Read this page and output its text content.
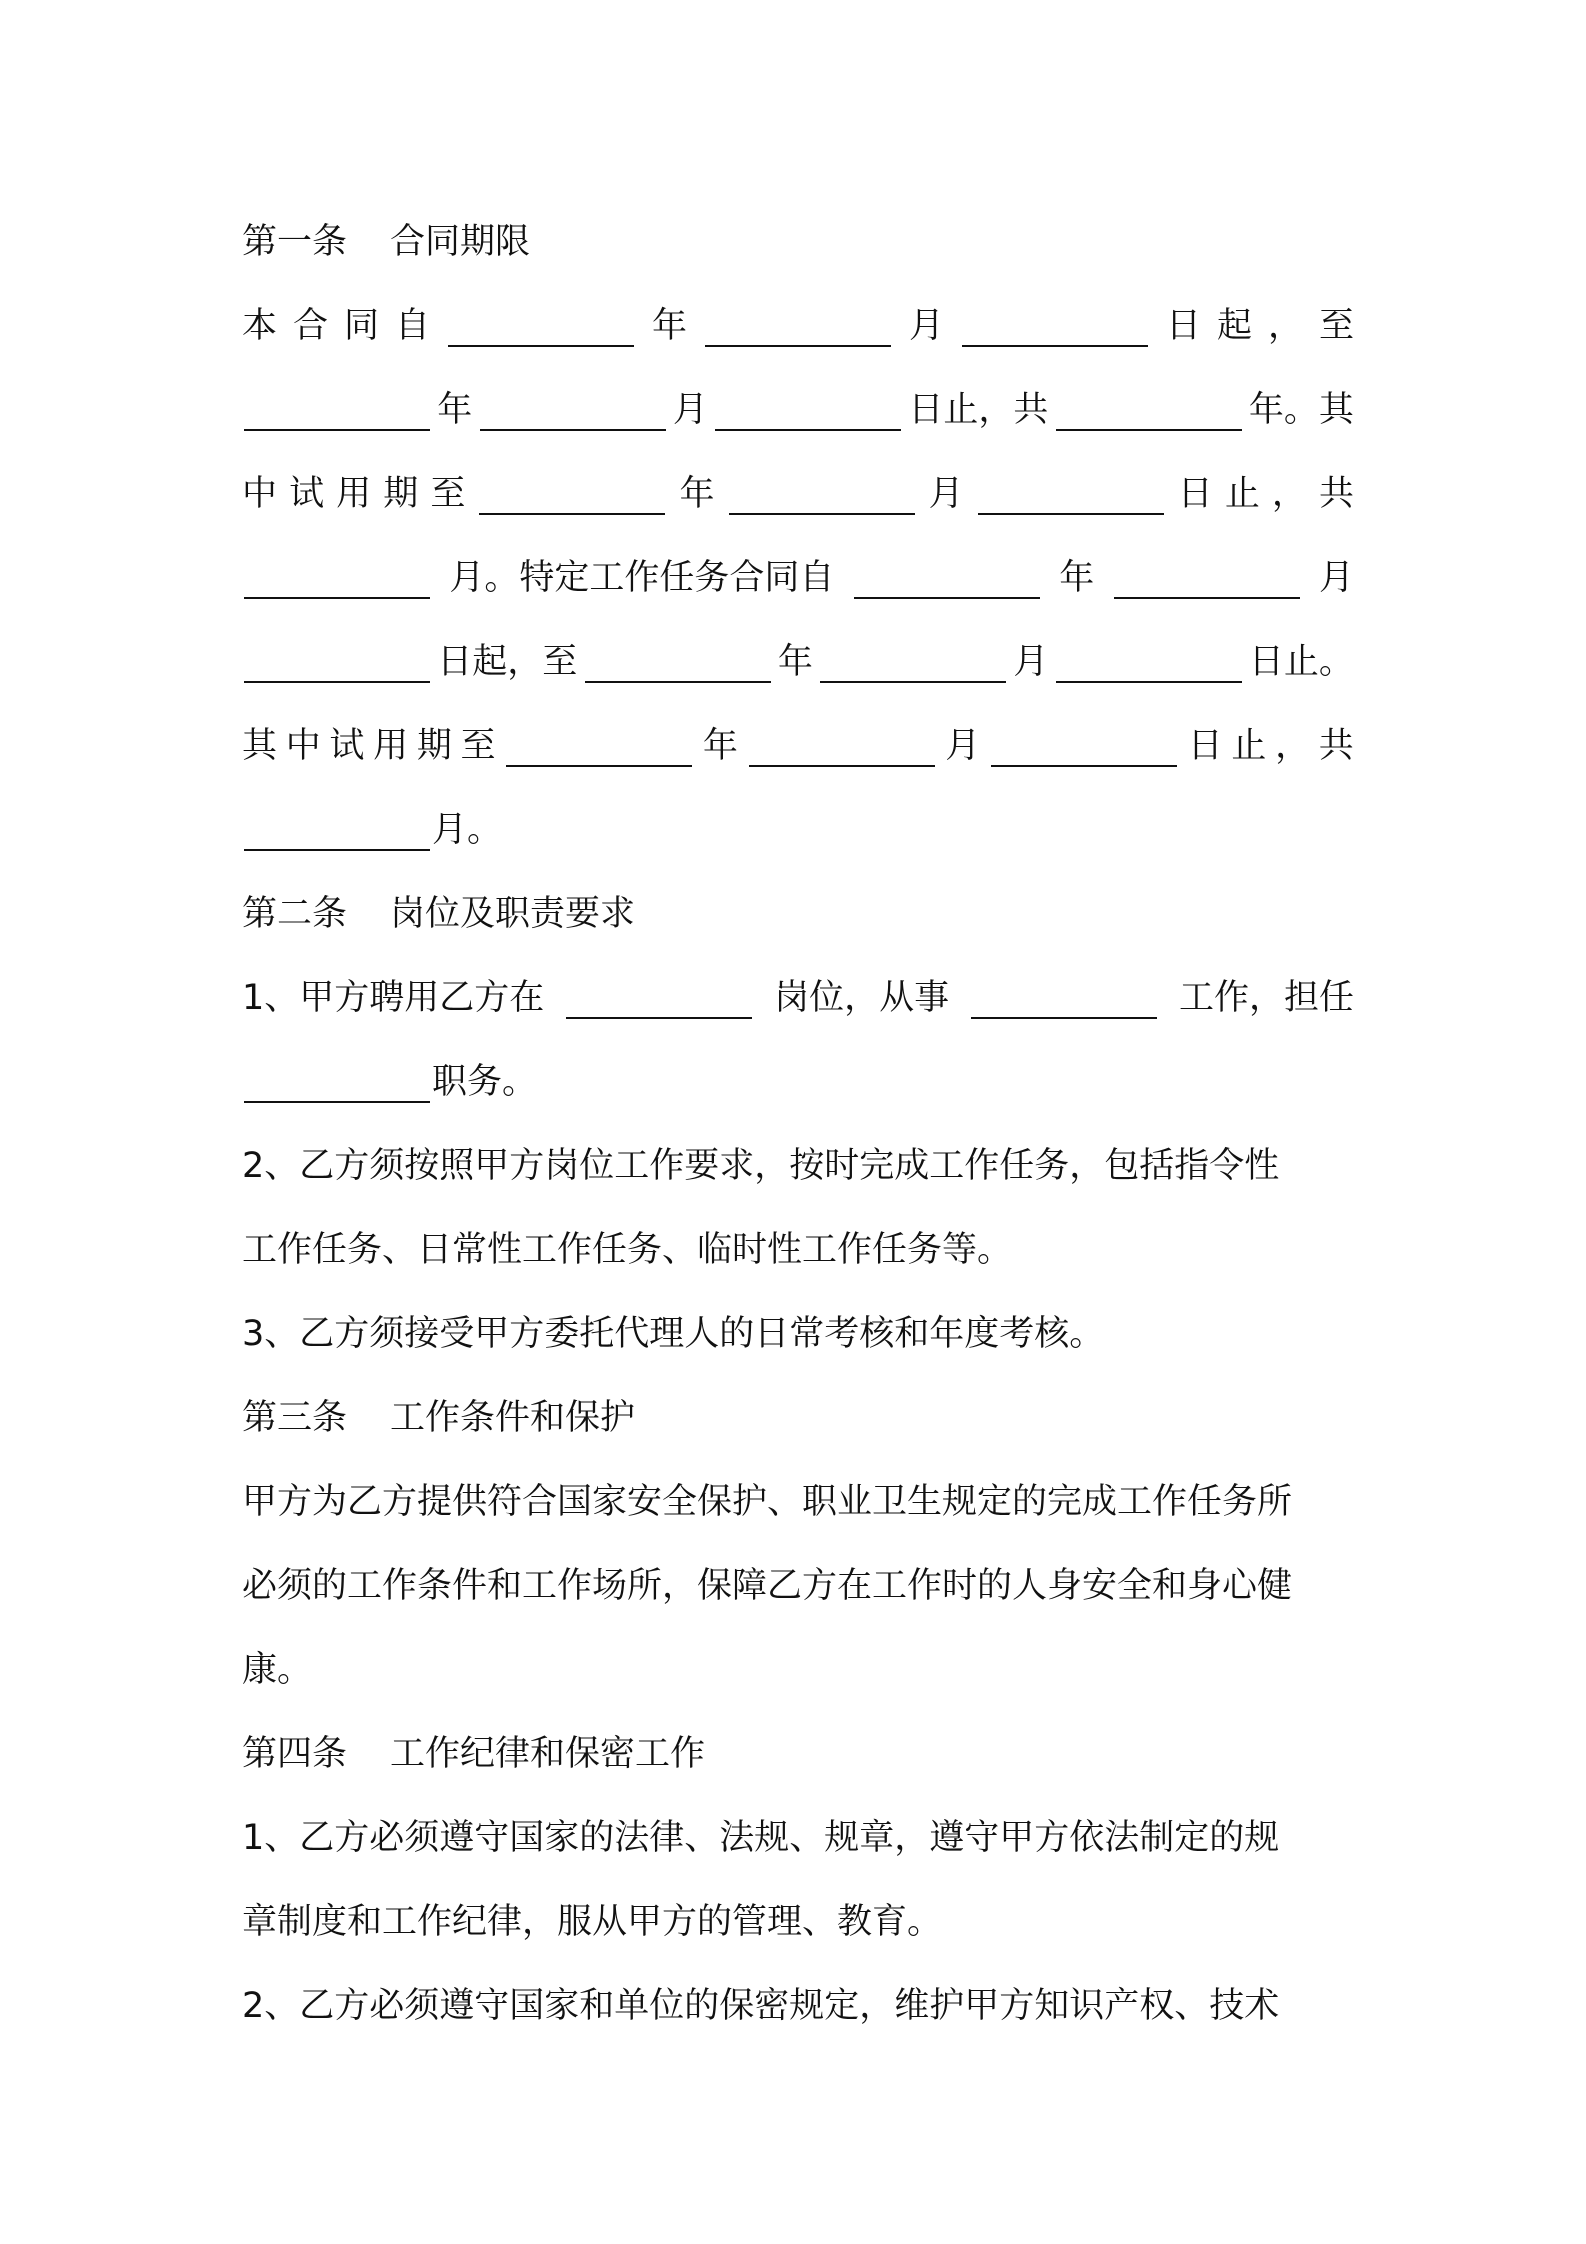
第一条	合同期限
本 合 同 自	年	月	日 起 ， 至
年	月	日止，共	年。其
中 试 用 期 至	年	月	日 止 ， 共
月。特定工作任务合同自	年	月
日起，至	年	月	日止。
其 中 试 用 期 至	年	月	日 止 ， 共
月。
第二条	岗位及职责要求
1、甲方聘用乙方在	岗位，从事	工作，担任
职务。
2、乙方须按照甲方岗位工作要求，按时完成工作任务，包括指令性
工作任务、日常性工作任务、临时性工作任务等。
3、乙方须接受甲方委托代理人的日常考核和年度考核。
第三条	工作条件和保护
甲方为乙方提供符合国家安全保护、职业卫生规定的完成工作任务所
必须的工作条件和工作场所，保障乙方在工作时的人身安全和身心健
康。
第四条	工作纪律和保密工作
1、乙方必须遵守国家的法律、法规、规章，遵守甲方依法制定的规
章制度和工作纪律，服从甲方的管理、教育。
2、乙方必须遵守国家和单位的保密规定，维护甲方知识产权、技术
